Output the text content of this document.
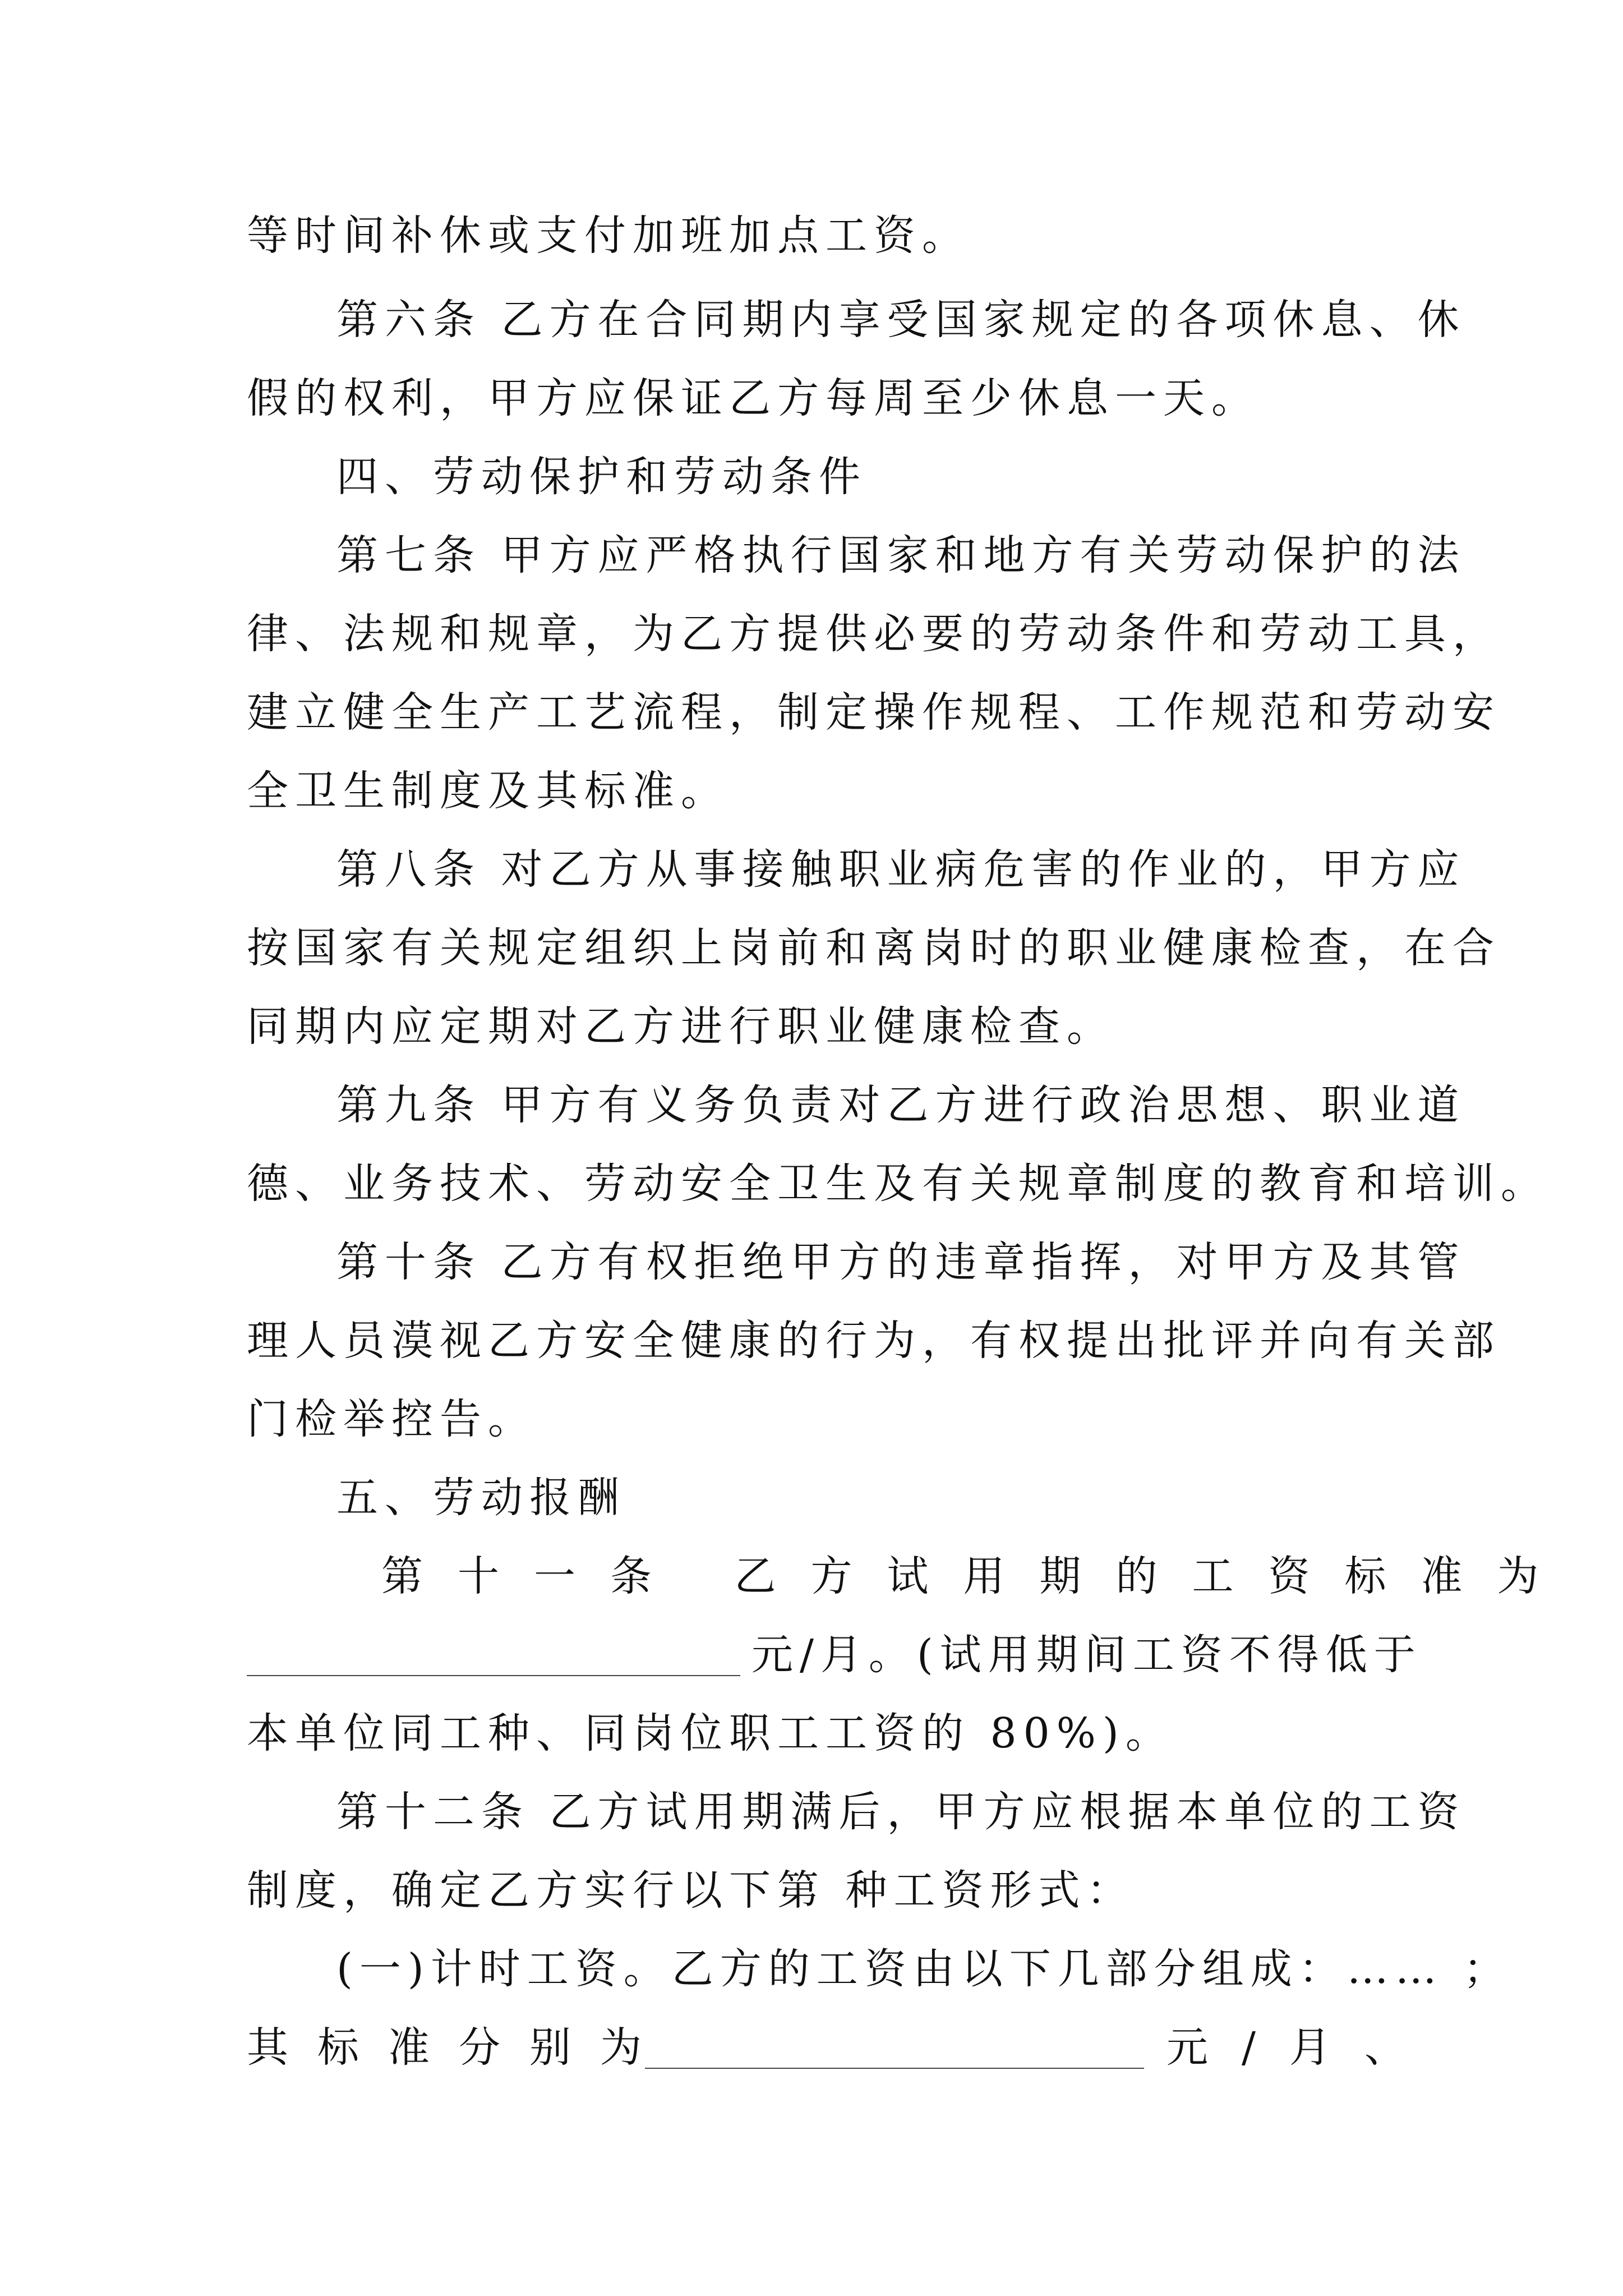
等时间补休或支付加班加点工资。
第六条 乙方在合同期内享受国家规定的各项休息、休
假的权利，甲方应保证乙方每周至少休息一天。
四、劳动保护和劳动条件
第七条 甲方应严格执行国家和地方有关劳动保护的法
律、法规和规章，为乙方提供必要的劳动条件和劳动工具，
建立健全生产工艺流程，制定操作规程、工作规范和劳动安
全卫生制度及其标准。
第八条 对乙方从事接触职业病危害的作业的，甲方应
按国家有关规定组织上岗前和离岗时的职业健康检查，在合
同期内应定期对乙方进行职业健康检查。
第九条 甲方有义务负责对乙方进行政治思想、职业道
德、业务技术、劳动安全卫生及有关规章制度的教育和培训。
第十条 乙方有权拒绝甲方的违章指挥，对甲方及其管
理人员漠视乙方安全健康的行为，有权提出批评并向有关部
门检举控告。
五、劳动报酬
第十一条 乙方试用期的工资标准为
元/月。(试用期间工资不得低于
本单位同工种、同岗位职工工资的 80%)。
第十二条 乙方试用期满后，甲方应根据本单位的工资
制度，确定乙方实行以下第 种工资形式：
(一)计时工资。乙方的工资由以下几部分组成：…… ；
其标准分别为	元/月、
